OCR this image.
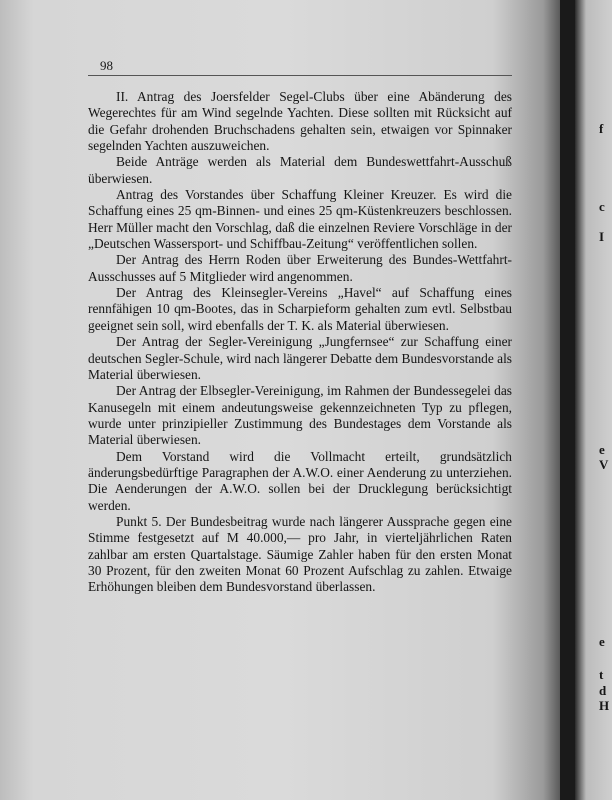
98

II. Antrag des Joersfelder Segel-Clubs über eine Abänderung des Wegerechtes für am Wind segelnde Yachten. Diese sollten mit Rücksicht auf die Gefahr drohenden Bruchschadens gehalten sein, etwaigen vor Spinnaker segelnden Yachten auszuweichen.

Beide Anträge werden als Material dem Bundeswettfahrt-Ausschuß überwiesen.

Antrag des Vorstandes über Schaffung Kleiner Kreuzer. Es wird die Schaffung eines 25 qm-Binnen- und eines 25 qm-Küstenkreuzers beschlossen. Herr Müller macht den Vorschlag, daß die einzelnen Reviere Vorschläge in der „Deutschen Wassersport- und Schiffbau-Zeitung“ veröffentlichen sollen.

Der Antrag des Herrn Roden über Erweiterung des Bundes-Wettfahrt-Ausschusses auf 5 Mitglieder wird angenommen.

Der Antrag des Kleinsegler-Vereins „Havel“ auf Schaffung eines rennfähigen 10 qm-Bootes, das in Scharpieform gehalten zum evtl. Selbstbau geeignet sein soll, wird ebenfalls der T. K. als Material überwiesen.

Der Antrag der Segler-Vereinigung „Jungfernsee“ zur Schaffung einer deutschen Segler-Schule, wird nach längerer Debatte dem Bundesvorstande als Material überwiesen.

Der Antrag der Elbsegler-Vereinigung, im Rahmen der Bundessegelei das Kanusegeln mit einem andeutungsweise gekennzeichneten Typ zu pflegen, wurde unter prinzipieller Zustimmung des Bundestages dem Vorstande als Material überwiesen.

Dem Vorstand wird die Vollmacht erteilt, grundsätzlich änderungsbedürftige Paragraphen der A.W.O. einer Aenderung zu unterziehen. Die Aenderungen der A.W.O. sollen bei der Drucklegung berücksichtigt werden.

Punkt 5. Der Bundesbeitrag wurde nach längerer Aussprache gegen eine Stimme festgesetzt auf M 40.000,— pro Jahr, in vierteljährlichen Raten zahlbar am ersten Quartalstage. Säumige Zahler haben für den ersten Monat 30 Prozent, für den zweiten Monat 60 Prozent Aufschlag zu zahlen. Etwaige Erhöhungen bleiben dem Bundesvorstand überlassen.

f
c
I
e
V
e
t
d
H
